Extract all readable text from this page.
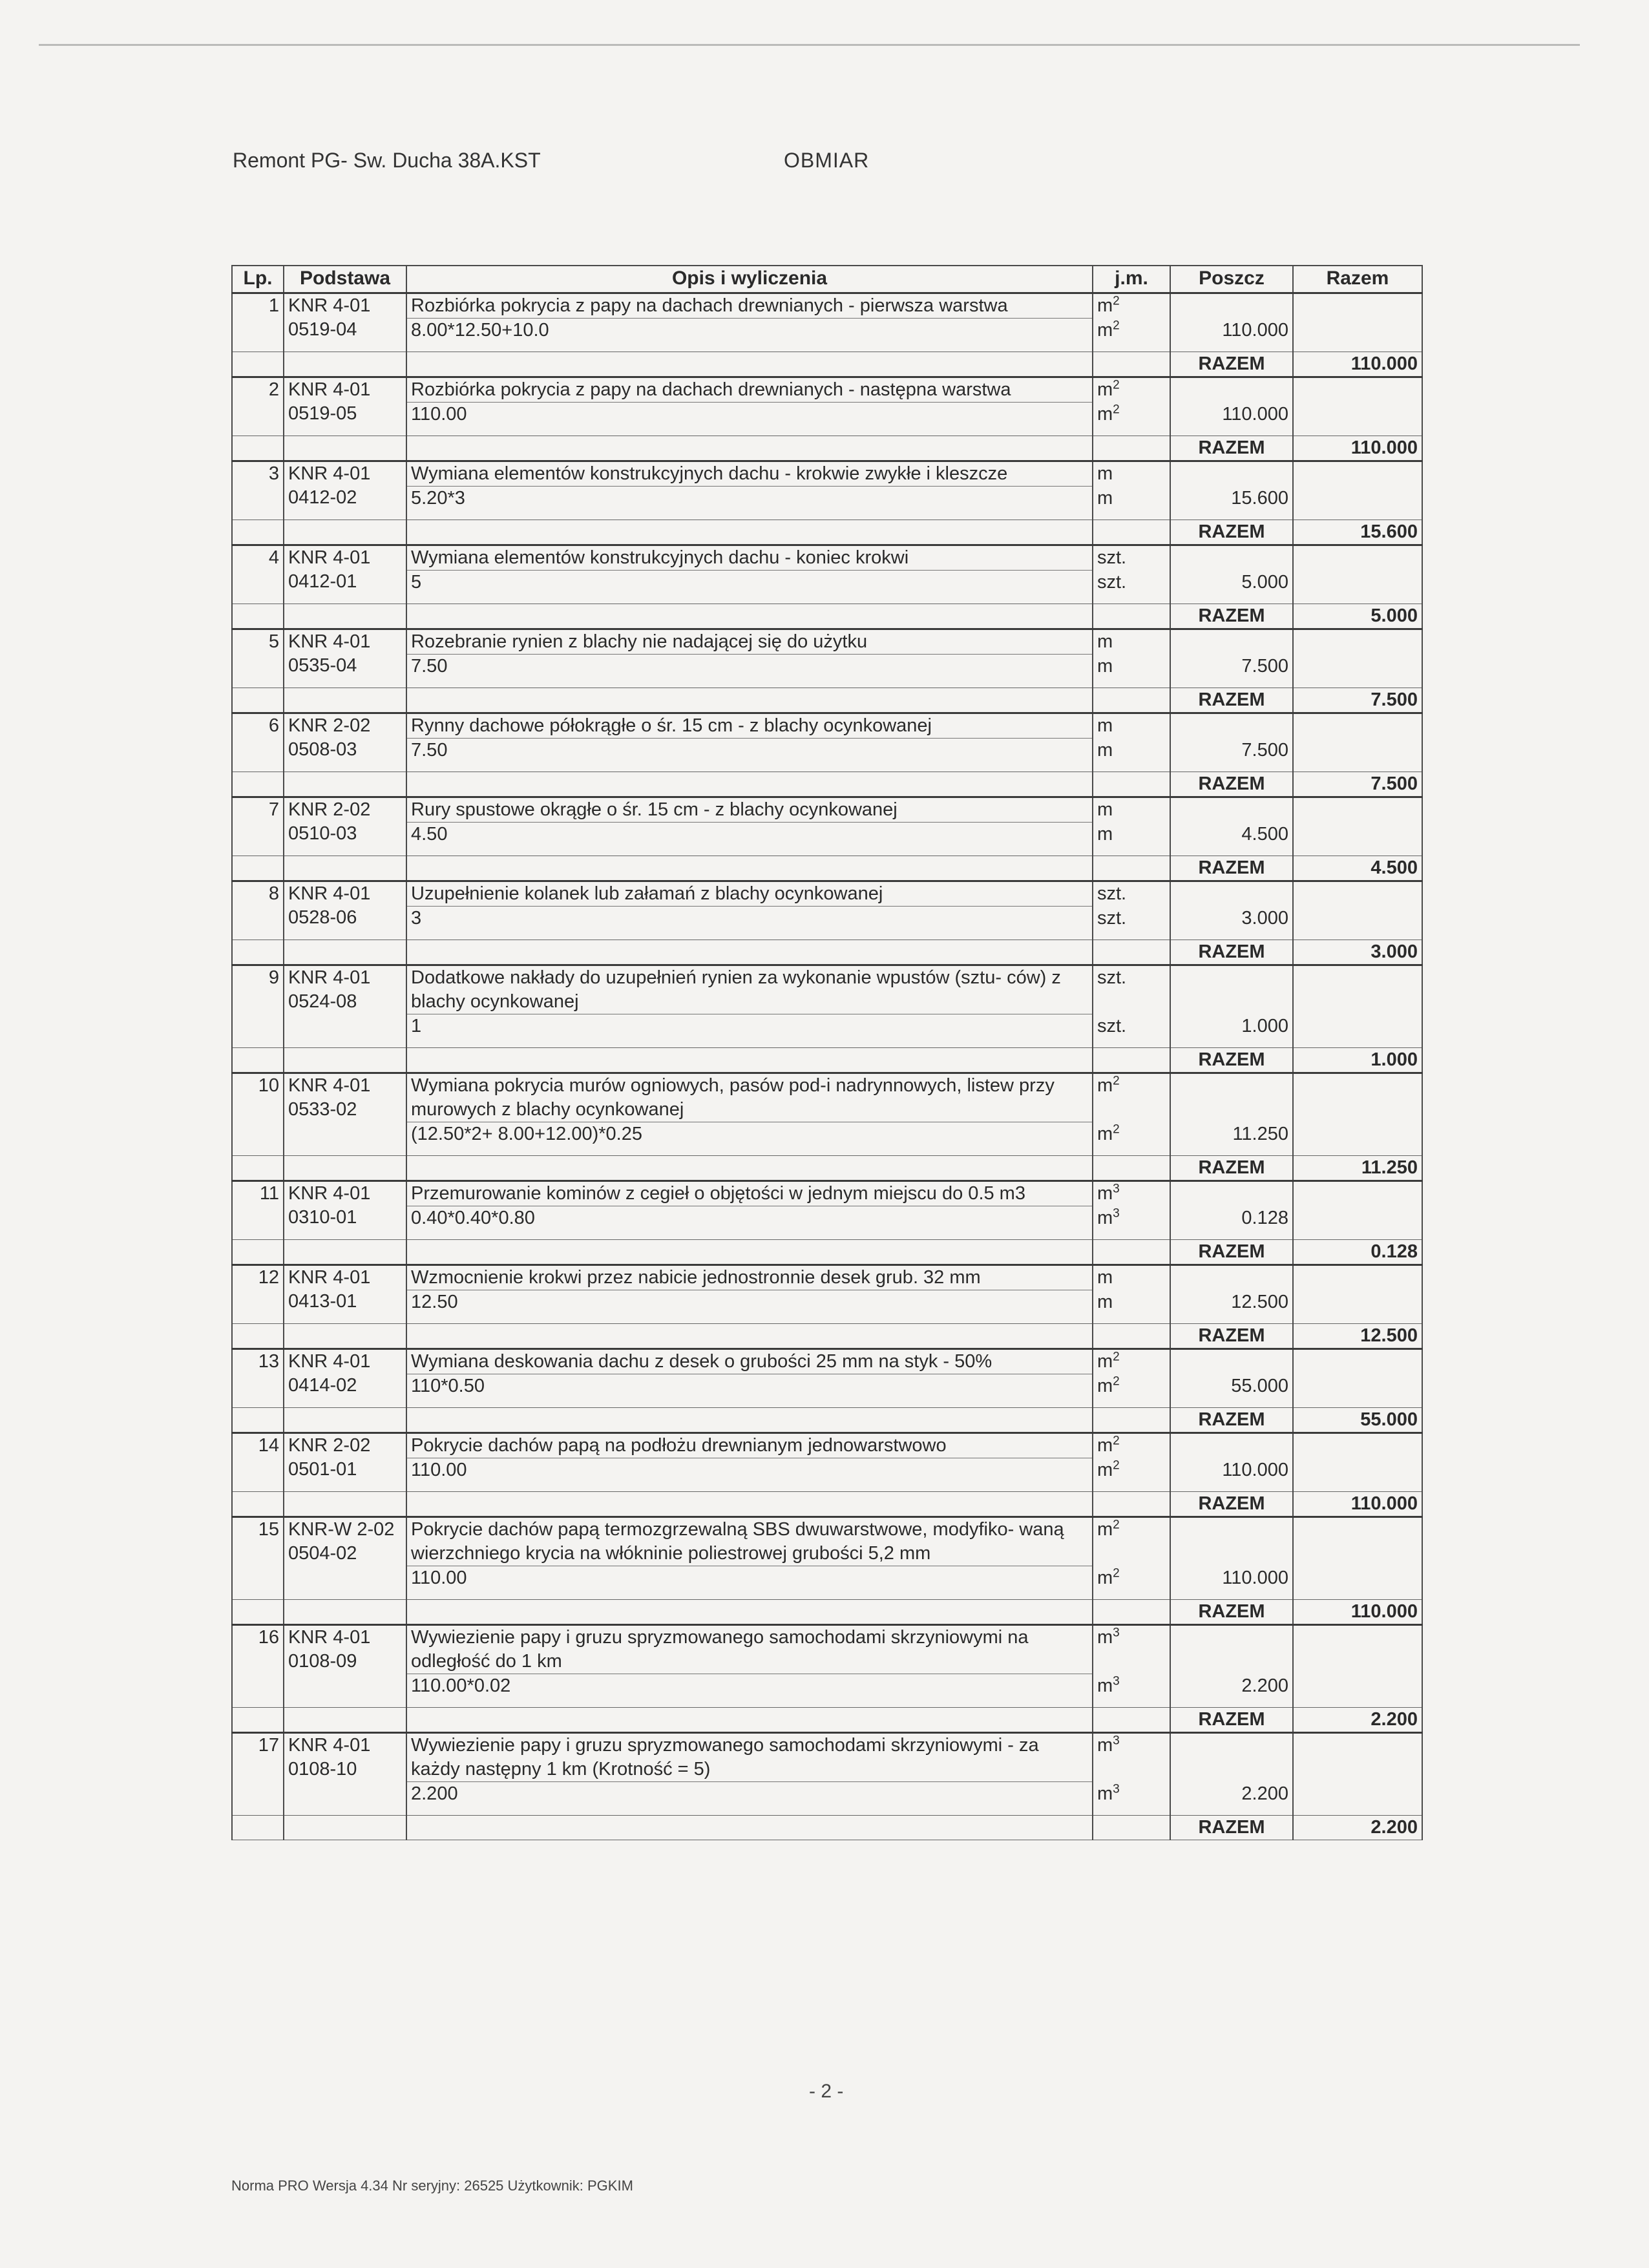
Remont PG- Sw. Ducha 38A.KST	OBMIAR
Lp.	Podstawa	Opis i wyliczenia	j.m.	Poszcz	Razem
1	KNR 4-01 0519-04	Rozbiórka pokrycia z papy na dachach drewnianych - pierwsza warstwa	$m^2$		
		8.00*12.50+10.0	$m^2$	110.000	

				RAZEM	110.000
2	KNR 4-01 0519-05	Rozbiórka pokrycia z papy na dachach drewnianych - następna warstwa	$m^2$		
		110.00	$m^2$	110.000	

				RAZEM	110.000
3	KNR 4-01 0412-02	Wymiana elementów konstrukcyjnych dachu - krokwie zwykłe i kleszcze	m		
		5.20*3	m	15.600	

				RAZEM	15.600
4	KNR 4-01 0412-01	Wymiana elementów konstrukcyjnych dachu - koniec krokwi	szt.		
		5	szt.	5.000	

				RAZEM	5.000
5	KNR 4-01 0535-04	Rozebranie rynien z blachy nie nadającej się do użytku	m		
		7.50	m	7.500	

				RAZEM	7.500
6	KNR 2-02 0508-03	Rynny dachowe półokrągłe o śr. 15 cm - z blachy ocynkowanej	m		
		7.50	m	7.500	

				RAZEM	7.500
7	KNR 2-02 0510-03	Rury spustowe okrągłe o śr. 15 cm - z blachy ocynkowanej	m		
		4.50	m	4.500	

				RAZEM	4.500
8	KNR 4-01 0528-06	Uzupełnienie kolanek lub załamań z blachy ocynkowanej	szt.		
		3	szt.	3.000	

				RAZEM	3.000
9	KNR 4-01 0524-08	Dodatkowe nakłady do uzupełnień rynien za wykonanie wpustów (sztu- ców) z blachy ocynkowanej	szt.		
		1	szt.	1.000	

				RAZEM	1.000
10	KNR 4-01 0533-02	Wymiana pokrycia murów ogniowych, pasów pod-i nadrynnowych, listew przy murowych z blachy ocynkowanej	$m^2$		
		(12.50*2+ 8.00+12.00)*0.25	$m^2$	11.250	

				RAZEM	11.250
11	KNR 4-01 0310-01	Przemurowanie kominów z cegieł o objętości w jednym miejscu do 0.5 m3	$m^3$		
		0.40*0.40*0.80	$m^3$	0.128	

				RAZEM	0.128
12	KNR 4-01 0413-01	Wzmocnienie krokwi przez nabicie jednostronnie desek grub. 32 mm	m		
		12.50	m	12.500	

				RAZEM	12.500
13	KNR 4-01 0414-02	Wymiana deskowania dachu z desek o grubości 25 mm na styk - 50%	$m^2$		
		110*0.50	$m^2$	55.000	

				RAZEM	55.000
14	KNR 2-02 0501-01	Pokrycie dachów papą na podłożu drewnianym jednowarstwowo	$m^2$		
		110.00	$m^2$	110.000	

				RAZEM	110.000
15	KNR-W 2-02 0504-02	Pokrycie dachów papą termozgrzewalną SBS dwuwarstwowe, modyfiko- waną wierzchniego krycia na włókninie poliestrowej grubości 5,2 mm	$m^2$		
		110.00	$m^2$	110.000	

				RAZEM	110.000
16	KNR 4-01 0108-09	Wywiezienie papy i gruzu spryzmowanego samochodami skrzyniowymi na odległość do 1 km	$m^3$		
		110.00*0.02	$m^3$	2.200	

				RAZEM	2.200
17	KNR 4-01 0108-10	Wywiezienie papy i gruzu spryzmowanego samochodami skrzyniowymi - za każdy następny 1 km (Krotność = 5)	$m^3$		
		2.200	$m^3$	2.200	

				RAZEM	2.200
- 2 -
Norma PRO Wersja 4.34 Nr seryjny: 26525 Użytkownik: PGKIM
